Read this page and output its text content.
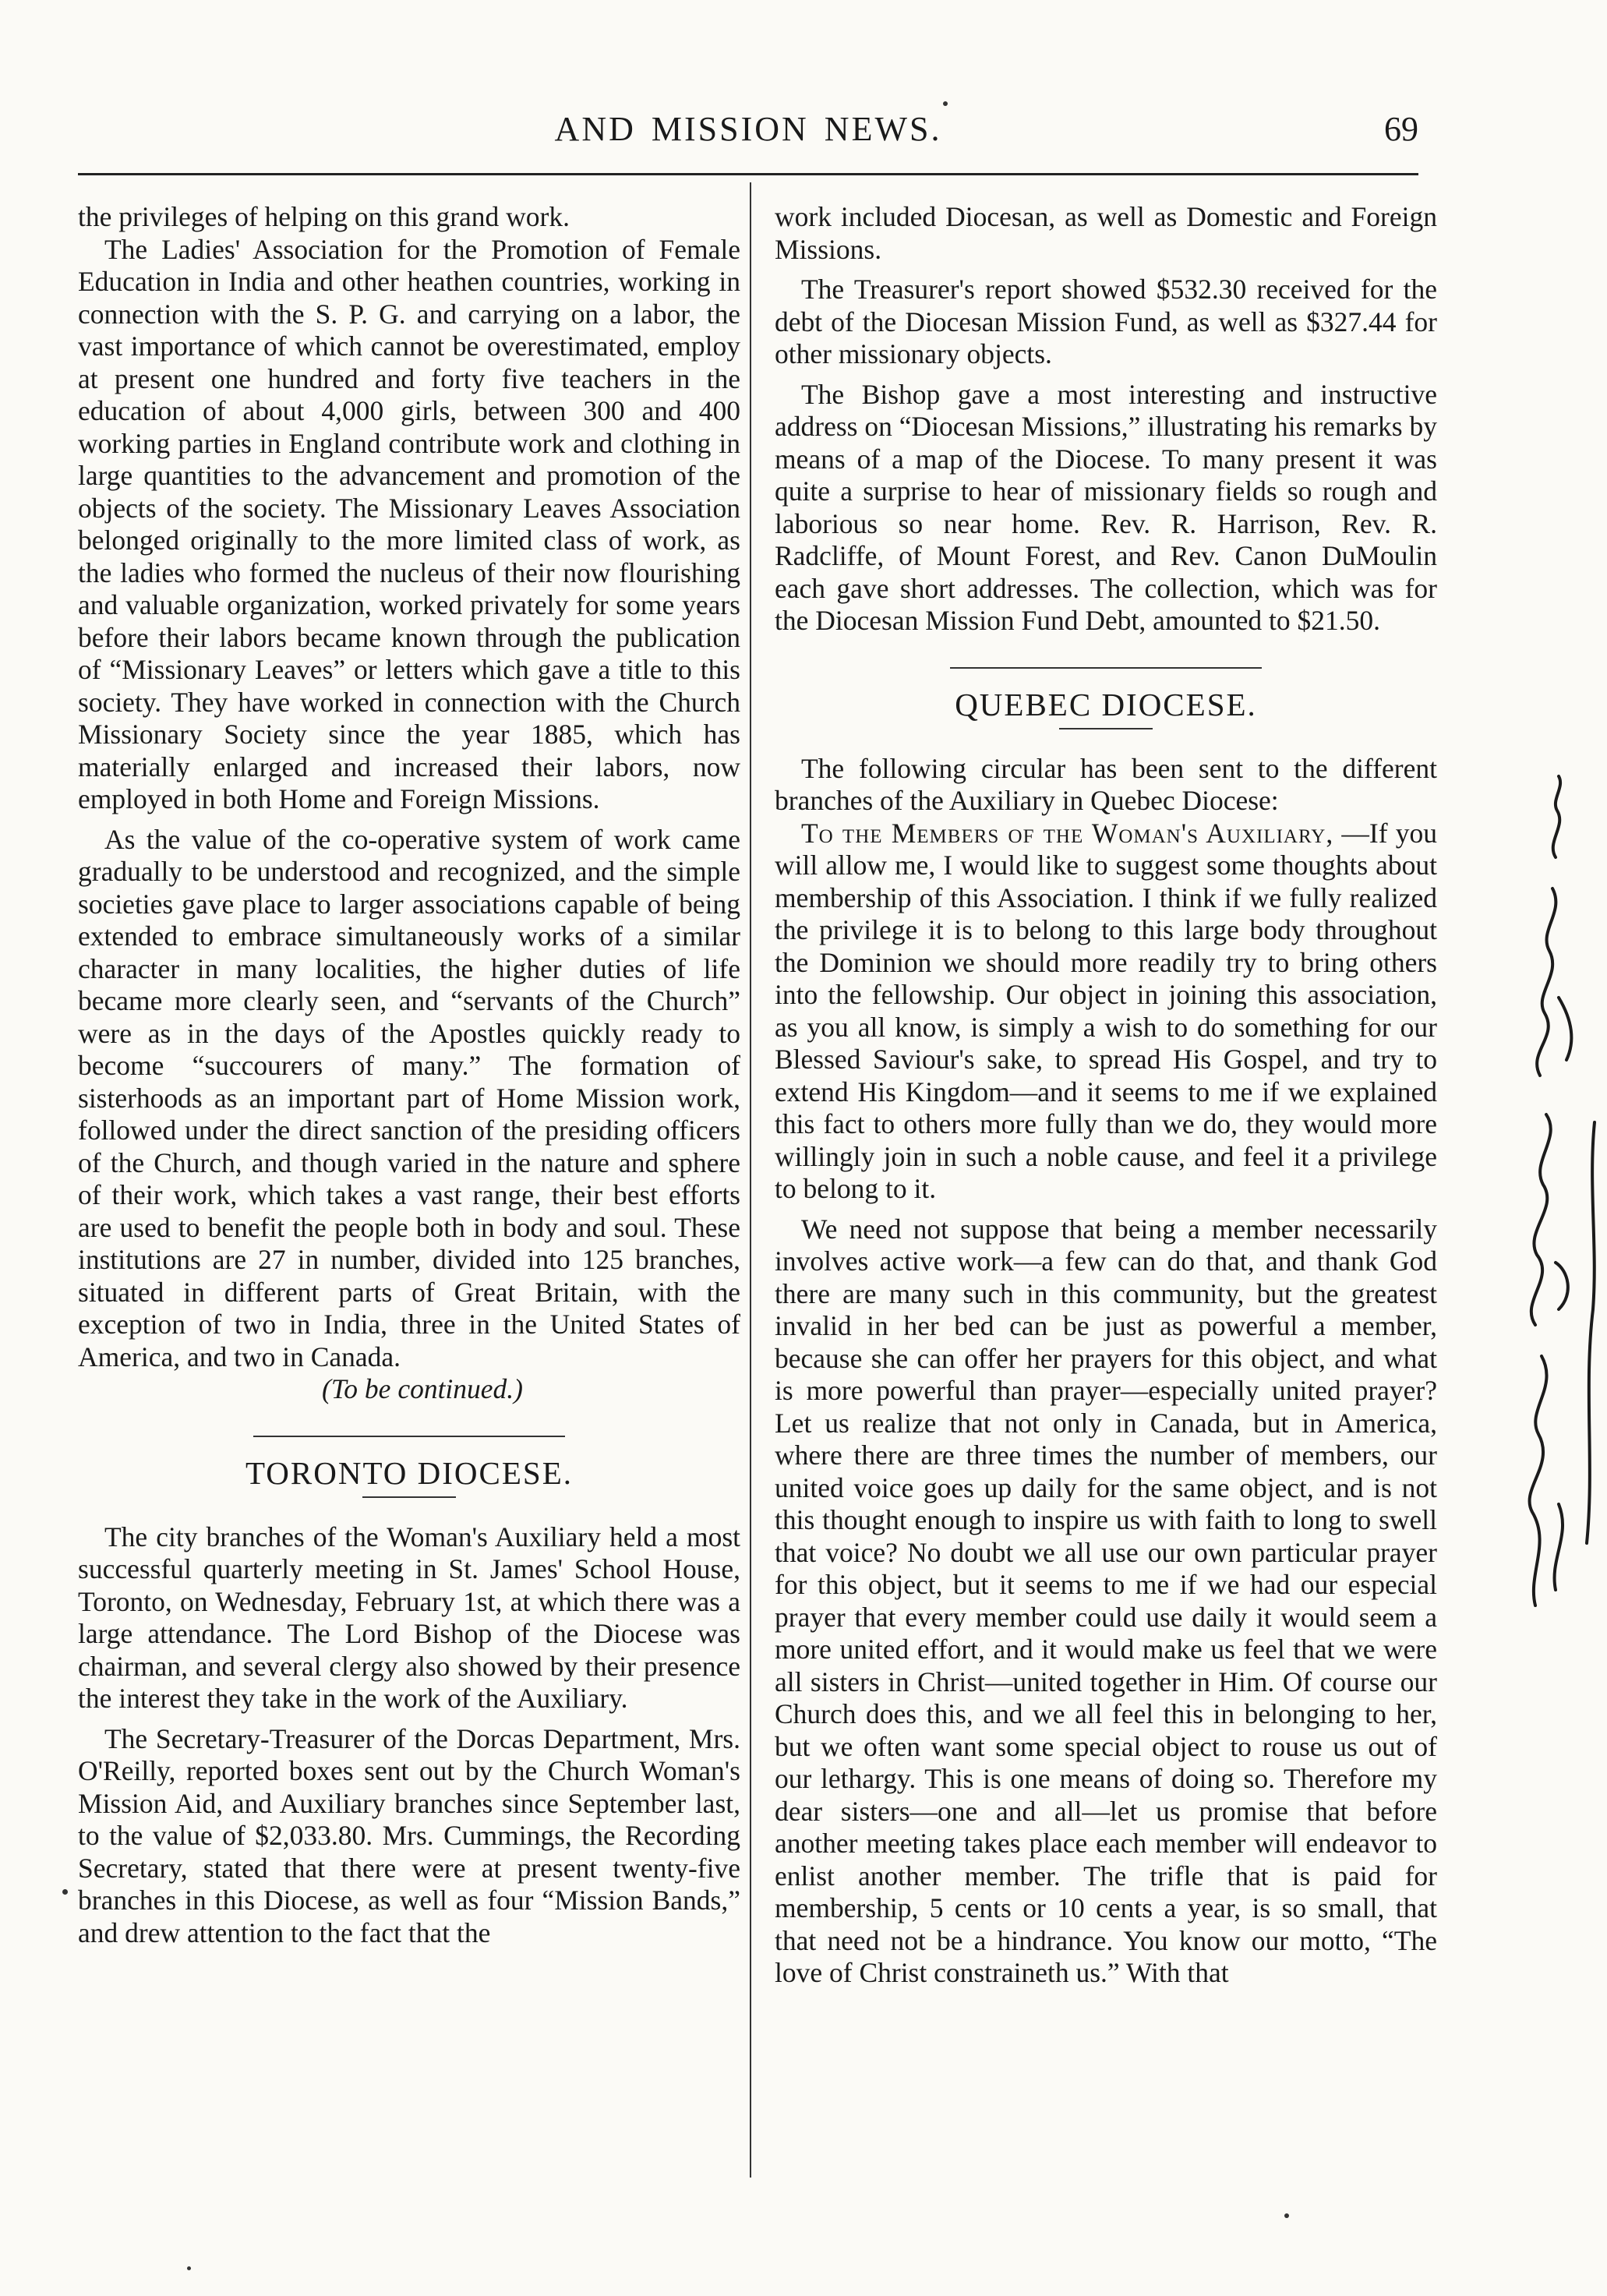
AND MISSION NEWS.	69

the privileges of helping on this grand work.

The Ladies' Association for the Promotion of Female Education in India and other heathen countries, working in connection with the S. P. G. and carrying on a labor, the vast importance of which cannot be overestimated, employ at present one hundred and forty five teachers in the education of about 4,000 girls, between 300 and 400 working parties in England contribute work and clothing in large quantities to the advancement and promotion of the objects of the society. The Missionary Leaves Association belonged originally to the more limited class of work, as the ladies who formed the nucleus of their now flourishing and valuable organization, worked privately for some years before their labors became known through the publication of “Missionary Leaves” or letters which gave a title to this society. They have worked in connection with the Church Missionary Society since the year 1885, which has materially enlarged and increased their labors, now employed in both Home and Foreign Missions.

As the value of the co-operative system of work came gradually to be understood and recognized, and the simple societies gave place to larger associations capable of being extended to embrace simultaneously works of a similar character in many localities, the higher duties of life became more clearly seen, and “servants of the Church” were as in the days of the Apostles quickly ready to become “succourers of many.” The formation of sisterhoods as an important part of Home Mission work, followed under the direct sanction of the presiding officers of the Church, and though varied in the nature and sphere of their work, which takes a vast range, their best efforts are used to benefit the people both in body and soul. These institutions are 27 in number, divided into 125 branches, situated in different parts of Great Britain, with the exception of two in India, three in the United States of America, and two in Canada.

(To be continued.)

TORONTO DIOCESE.

The city branches of the Woman's Auxiliary held a most successful quarterly meeting in St. James' School House, Toronto, on Wednesday, February 1st, at which there was a large attendance. The Lord Bishop of the Diocese was chairman, and several clergy also showed by their presence the interest they take in the work of the Auxiliary.

The Secretary-Treasurer of the Dorcas Department, Mrs. O'Reilly, reported boxes sent out by the Church Woman's Mission Aid, and Auxiliary branches since September last, to the value of $2,033.80. Mrs. Cummings, the Recording Secretary, stated that there were at present twenty-five branches in this Diocese, as well as four “Mission Bands,” and drew attention to the fact that the

work included Diocesan, as well as Domestic and Foreign Missions.

The Treasurer's report showed $532.30 received for the debt of the Diocesan Mission Fund, as well as $327.44 for other missionary objects.

The Bishop gave a most interesting and instructive address on “Diocesan Missions,” illustrating his remarks by means of a map of the Diocese. To many present it was quite a surprise to hear of missionary fields so rough and laborious so near home. Rev. R. Harrison, Rev. R. Radcliffe, of Mount Forest, and Rev. Canon DuMoulin each gave short addresses. The collection, which was for the Diocesan Mission Fund Debt, amounted to $21.50.

QUEBEC DIOCESE.

The following circular has been sent to the different branches of the Auxiliary in Quebec Diocese:

To the Members of the Woman's Auxiliary, —If you will allow me, I would like to suggest some thoughts about membership of this Association. I think if we fully realized the privilege it is to belong to this large body throughout the Dominion we should more readily try to bring others into the fellowship. Our object in joining this association, as you all know, is simply a wish to do something for our Blessed Saviour's sake, to spread His Gospel, and try to extend His Kingdom—and it seems to me if we explained this fact to others more fully than we do, they would more willingly join in such a noble cause, and feel it a privilege to belong to it.

We need not suppose that being a member necessarily involves active work—a few can do that, and thank God there are many such in this community, but the greatest invalid in her bed can be just as powerful a member, because she can offer her prayers for this object, and what is more powerful than prayer—especially united prayer? Let us realize that not only in Canada, but in America, where there are three times the number of members, our united voice goes up daily for the same object, and is not this thought enough to inspire us with faith to long to swell that voice? No doubt we all use our own particular prayer for this object, but it seems to me if we had our especial prayer that every member could use daily it would seem a more united effort, and it would make us feel that we were all sisters in Christ—united together in Him. Of course our Church does this, and we all feel this in belonging to her, but we often want some special object to rouse us out of our lethargy. This is one means of doing so. Therefore my dear sisters—one and all—let us promise that before another meeting takes place each member will endeavor to enlist another member. The trifle that is paid for membership, 5 cents or 10 cents a year, is so small, that that need not be a hindrance. You know our motto, “The love of Christ constraineth us.” With that
